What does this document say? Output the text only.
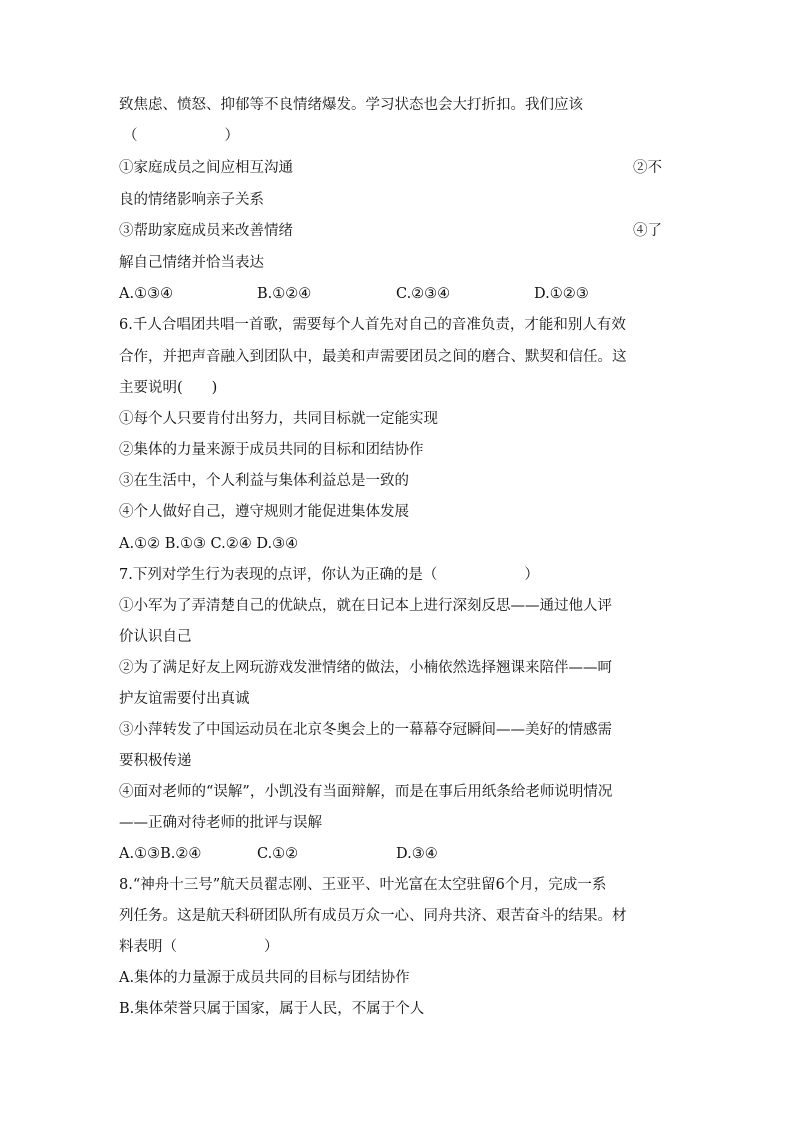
致焦虑、愤怒、抑郁等不良情绪爆发。学习状态也会大打折扣。我们应该
（　　　　　　）
①家庭成员之间应相互沟通	②不
良的情绪影响亲子关系
③帮助家庭成员来改善情绪	④了
解自己情绪并恰当表达
A.①③④	B.①②④	C.②③④	D.①②③
6.千人合唱团共唱一首歌，需要每个人首先对自己的音准负责，才能和别人有效
合作，并把声音融入到团队中，最美和声需要团员之间的磨合、默契和信任。这
主要说明(　　)
①每个人只要肯付出努力，共同目标就一定能实现
②集体的力量来源于成员共同的目标和团结协作
③在生活中，个人利益与集体利益总是一致的
④个人做好自己，遵守规则才能促进集体发展
A.①② B.①③ C.②④ D.③④
7.下列对学生行为表现的点评，你认为正确的是（　　　　　　）
①小军为了弄清楚自己的优缺点，就在日记本上进行深刻反思——通过他人评
价认识自己
②为了满足好友上网玩游戏发泄情绪的做法，小楠依然选择翘课来陪伴——呵
护友谊需要付出真诚
③小萍转发了中国运动员在北京冬奥会上的一幕幕夺冠瞬间——美好的情感需
要积极传递
④面对老师的“误解”，小凯没有当面辩解，而是在事后用纸条给老师说明情况
——正确对待老师的批评与误解
A.①③B.②④	C.①②	D.③④
8.“神舟十三号”航天员翟志刚、王亚平、叶光富在太空驻留6个月，完成一系
列任务。这是航天科研团队所有成员万众一心、同舟共济、艰苦奋斗的结果。材
料表明（　　　　　　）
A.集体的力量源于成员共同的目标与团结协作
B.集体荣誉只属于国家，属于人民，不属于个人
